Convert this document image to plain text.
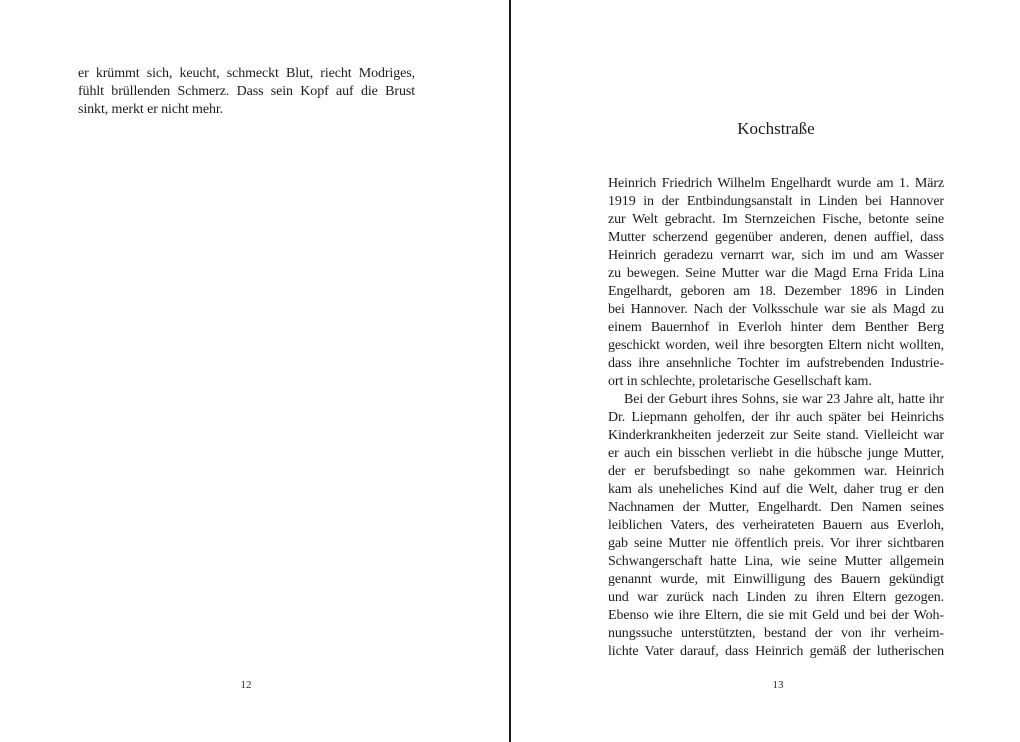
er krümmt sich, keucht, schmeckt Blut, riecht Modriges,
fühlt brüllenden Schmerz. Dass sein Kopf auf die Brust
sinkt, merkt er nicht mehr.
12
Kochstraße
Heinrich Friedrich Wilhelm Engelhardt wurde am 1. März
1919 in der Entbindungsanstalt in Linden bei Hannover
zur Welt gebracht. Im Sternzeichen Fische, betonte seine
Mutter scherzend gegenüber anderen, denen auffiel, dass
Heinrich geradezu vernarrt war, sich im und am Wasser
zu bewegen. Seine Mutter war die Magd Erna Frida Lina
Engelhardt, geboren am 18. Dezember 1896 in Linden
bei Hannover. Nach der Volksschule war sie als Magd zu
einem Bauernhof in Everloh hinter dem Benther Berg
geschickt worden, weil ihre besorgten Eltern nicht wollten,
dass ihre ansehnliche Tochter im aufstrebenden Industrie-
ort in schlechte, proletarische Gesellschaft kam.
Bei der Geburt ihres Sohns, sie war 23 Jahre alt, hatte ihr
Dr. Liepmann geholfen, der ihr auch später bei Heinrichs
Kinderkrankheiten jederzeit zur Seite stand. Vielleicht war
er auch ein bisschen verliebt in die hübsche junge Mutter,
der er berufsbedingt so nahe gekommen war. Heinrich
kam als uneheliches Kind auf die Welt, daher trug er den
Nachnamen der Mutter, Engelhardt. Den Namen seines
leiblichen Vaters, des verheirateten Bauern aus Everloh,
gab seine Mutter nie öffentlich preis. Vor ihrer sichtbaren
Schwangerschaft hatte Lina, wie seine Mutter allgemein
genannt wurde, mit Einwilligung des Bauern gekündigt
und war zurück nach Linden zu ihren Eltern gezogen.
Ebenso wie ihre Eltern, die sie mit Geld und bei der Woh-
nungssuche unterstützten, bestand der von ihr verheim-
lichte Vater darauf, dass Heinrich gemäß der lutherischen
13
